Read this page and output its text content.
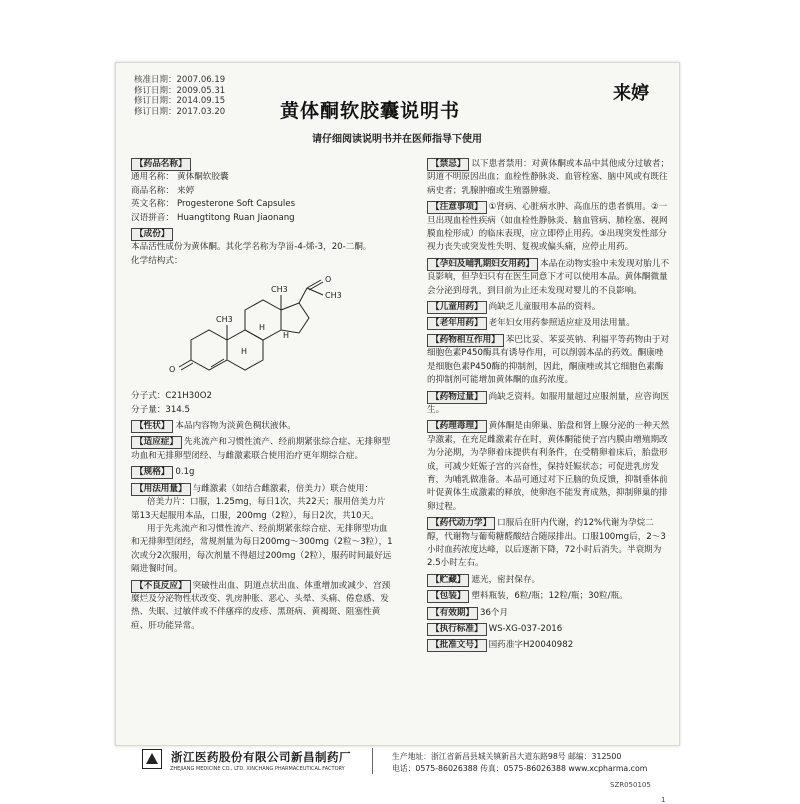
核准日期：2007.06.19
修订日期：2009.05.31
修订日期：2014.09.15
修订日期：2017.03.20	黄体酮软胶囊说明书
来婷
请仔细阅读说明书并在医师指导下使用
【药品名称】
通用名称： 黄体酮软胶囊
商品名称： 来婷
英文名称： Progesterone Soft Capsules
汉语拼音： Huangtitong Ruan Jiaonang
【成份】
本品活性成份为黄体酮。其化学名称为孕甾-4-烯-3，20-二酮。
化学结构式：
O
O
CH3
CH3
CH3
H
H
H
分子式：C21H30O2
分子量：314.5
【性状】 本品内容物为淡黄色稠状液体。
【适应症】 先兆流产和习惯性流产、经前期紧张综合症、无排卵型功血和无排卵型闭经、与雌激素联合使用治疗更年期综合症。
【规格】 0.1g
【用法用量】 与雌激素（如结合雌激素，倍美力）联合使用：
倍美力片：口服，1.25mg，每日1次，共22天；服用倍美力片第13天起服用本品，口服，200mg（2粒），每日2次，共10天。
用于先兆流产和习惯性流产、经前期紧张综合症、无排卵型功血和无排卵型闭经，常规剂量为每日200mg～300mg（2粒～3粒），1次或分2次服用，每次剂量不得超过200mg（2粒），服药时间最好远隔进餐时间。
【不良反应】 突破性出血、阴道点状出血、体重增加或减少、宫颈糜烂及分泌物性状改变、乳房肿胀、恶心、头晕、头痛、倦怠感、发热、失眠、过敏伴或不伴瘙痒的皮疹、黑斑病、黄褐斑、阻塞性黄疸、肝功能异常。
【禁忌】 以下患者禁用：对黄体酮或本品中其他成分过敏者；阴道不明原因出血；血栓性静脉炎、血管栓塞、脑中风或有既往病史者；乳腺肿瘤或生殖器肿瘤。
【注意事项】 ①肾病、心脏病水肿、高血压的患者慎用。②一旦出现血栓性疾病（如血栓性静脉炎、脑血管病、肺栓塞、视网膜血栓形成）的临床表现，应立即停止用药。③出现突发性部分视力丧失或突发性失明、复视或偏头痛，应停止用药。
【孕妇及哺乳期妇女用药】 本品在动物实验中未发现对胎儿不良影响，但孕妇只有在医生同意下才可以使用本品。黄体酮微量会分泌到母乳，到目前为止还未发现对婴儿的不良影响。
【儿童用药】 尚缺乏儿童服用本品的资料。
【老年用药】 老年妇女用药参照适应症及用法用量。
【药物相互作用】 苯巴比妥、苯妥英钠、利福平等药物由于对细胞色素P450酶具有诱导作用，可以削弱本品的药效。酮康唑是细胞色素P450酶的抑制剂，因此，酮康唑或其它细胞色素酶的抑制剂可能增加黄体酮的血药浓度。
【药物过量】 尚缺乏资料。如服用量超过应服剂量，应咨询医生。
【药理毒理】 黄体酮是由卵巢、胎盘和肾上腺分泌的一种天然孕激素，在充足雌激素存在时，黄体酮能使子宫内膜由增殖期改为分泌期，为孕卵着床提供有利条件，在受精卵着床后，胎盘形成，可减少妊娠子宫的兴奋性，保持妊娠状态；可促进乳房发育，为哺乳做准备。本品可通过对下丘脑的负反馈，抑制垂体前叶促黄体生成激素的释放，使卵泡不能发育成熟，抑制卵巢的排卵过程。
【药代动力学】 口服后在肝内代谢，约12%代谢为孕烷二醇，代谢物与葡萄糖醛酸结合随尿排出。口服100mg后，2～3小时血药浓度达峰，以后逐渐下降，72小时后消失。半衰期为2.5小时左右。
【贮藏】 遮光，密封保存。
【包装】 塑料瓶装，6粒/瓶；12粒/瓶；30粒/瓶。
【有效期】 36个月
【执行标准】 WS-XG-037-2016
【批准文号】 国药准字H20040982
浙江医药股份有限公司新昌制药厂
ZHEJIANG MEDICINE CO., LTD. XINCHANG PHARMACEUTICAL FACTORY
生产地址：浙江省新昌县城关镇新昌大道东路98号 邮编：312500
电话：0575-86026388 传真：0575-86026388 www.xcpharma.com
SZR050105
1
